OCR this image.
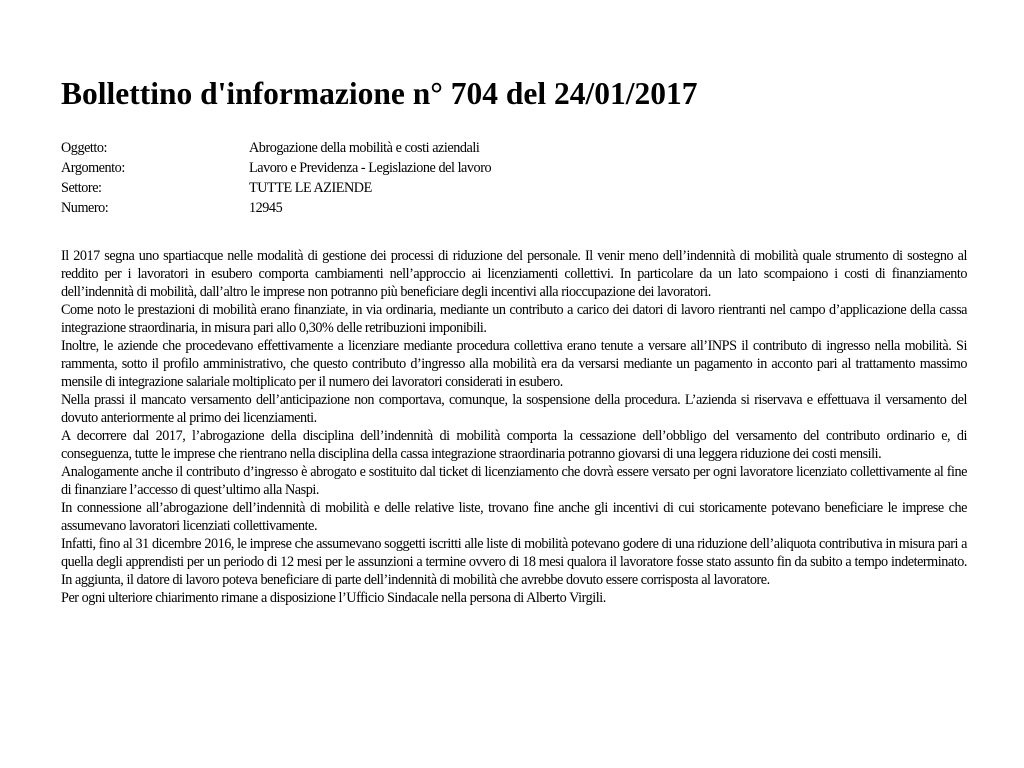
Bollettino d'informazione n° 704 del 24/01/2017
Oggetto:	Abrogazione della mobilità e costi aziendali
Argomento:	Lavoro e Previdenza - Legislazione del lavoro
Settore:	TUTTE LE AZIENDE
Numero:	12945

Il 2017 segna uno spartiacque nelle modalità di gestione dei processi di riduzione del personale. Il venir meno dell’indennità di mobilità quale strumento di sostegno al reddito per i lavoratori in esubero comporta cambiamenti nell’approccio ai licenziamenti collettivi. In particolare da un lato scompaiono i costi di finanziamento dell’indennità di mobilità, dall’altro le imprese non potranno più beneficiare degli incentivi alla rioccupazione dei lavoratori.

Come noto le prestazioni di mobilità erano finanziate, in via ordinaria, mediante un contributo a carico dei datori di lavoro rientranti nel campo d’applicazione della cassa integrazione straordinaria, in misura pari allo 0,30% delle retribuzioni imponibili.

Inoltre, le aziende che procedevano effettivamente a licenziare mediante procedura collettiva erano tenute a versare all’INPS il contributo di ingresso nella mobilità. Si rammenta, sotto il profilo amministrativo, che questo contributo d’ingresso alla mobilità era da versarsi mediante un pagamento in acconto pari al trattamento massimo mensile di integrazione salariale moltiplicato per il numero dei lavoratori considerati in esubero.

Nella prassi il mancato versamento dell’anticipazione non comportava, comunque, la sospensione della procedura. L’azienda si riservava e effettuava il versamento del dovuto anteriormente al primo dei licenziamenti.

A decorrere dal 2017, l’abrogazione della disciplina dell’indennità di mobilità comporta la cessazione dell’obbligo del versamento del contributo ordinario e, di conseguenza, tutte le imprese che rientrano nella disciplina della cassa integrazione straordinaria potranno giovarsi di una leggera riduzione dei costi mensili.

Analogamente anche il contributo d’ingresso è abrogato e sostituito dal ticket di licenziamento che dovrà essere versato per ogni lavoratore licenziato collettivamente al fine di finanziare l’accesso di quest’ultimo alla Naspi.

In connessione all’abrogazione dell’indennità di mobilità e delle relative liste, trovano fine anche gli incentivi di cui storicamente potevano beneficiare le imprese che assumevano lavoratori licenziati collettivamente.

Infatti, fino al 31 dicembre 2016, le imprese che assumevano soggetti iscritti alle liste di mobilità potevano godere di una riduzione dell’aliquota contributiva in misura pari a quella degli apprendisti per un periodo di 12 mesi per le assunzioni a termine ovvero di 18 mesi qualora il lavoratore fosse stato assunto fin da subito a tempo indeterminato. In aggiunta, il datore di lavoro poteva beneficiare di parte dell’indennità di mobilità che avrebbe dovuto essere corrisposta al lavoratore.

Per ogni ulteriore chiarimento rimane a disposizione l’Ufficio Sindacale nella persona di Alberto Virgili.
